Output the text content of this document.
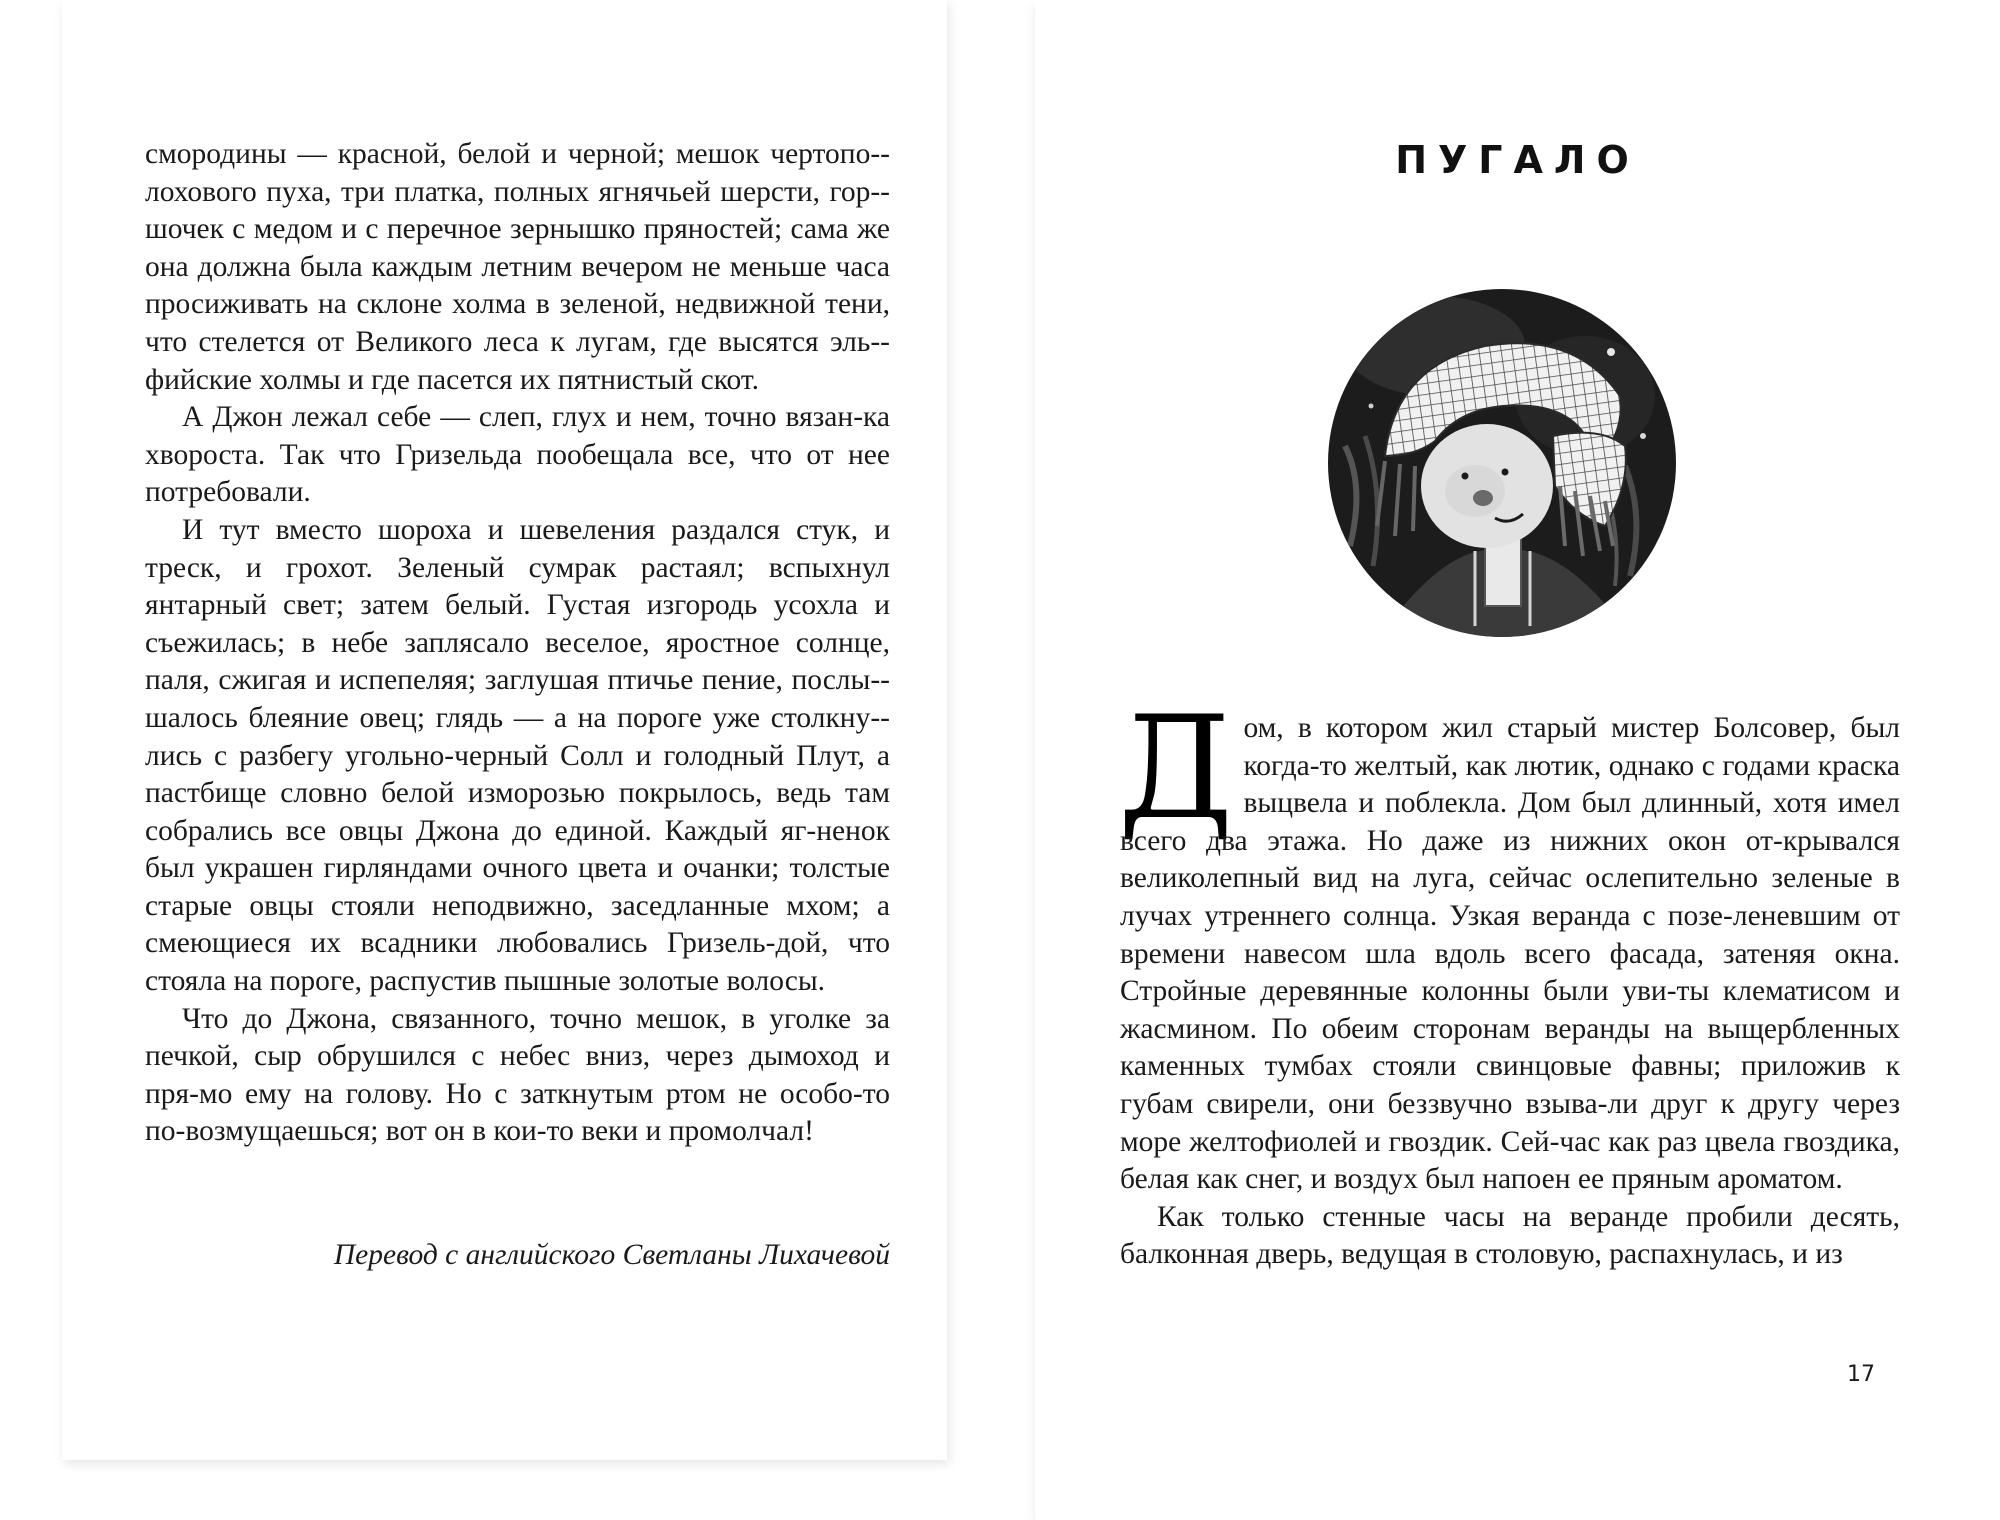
смородины — красной, белой и черной; мешок чертопо-лохового пуха, три платка, полных ягнячьей шерсти, гор-шочек с медом и с перечное зернышко пряностей; сама же она должна была каждым летним вечером не меньше часа просиживать на склоне холма в зеленой, недвижной тени, что стелется от Великого леса к лугам, где высятся эль-фийские холмы и где пасется их пятнистый скот.

А Джон лежал себе — слеп, глух и нем, точно вязан-ка хвороста. Так что Гризельда пообещала все, что от нее потребовали.

И тут вместо шороха и шевеления раздался стук, и треск, и грохот. Зеленый сумрак растаял; вспыхнул янтарный свет; затем белый. Густая изгородь усохла и съежилась; в небе заплясало веселое, яростное солнце, паля, сжигая и испепеляя; заглушая птичье пение, послы-шалось блеяние овец; глядь — а на пороге уже столкну-лись с разбегу угольно-черный Солл и голодный Плут, а пастбище словно белой изморозью покрылось, ведь там собрались все овцы Джона до единой. Каждый яг-ненок был украшен гирляндами очного цвета и очанки; толстые старые овцы стояли неподвижно, заседланные мхом; а смеющиеся их всадники любовались Гризель-дой, что стояла на пороге, распустив пышные золотые волосы.

Что до Джона, связанного, точно мешок, в уголке за печкой, сыр обрушился с небес вниз, через дымоход и пря-мо ему на голову. Но с заткнутым ртом не особо-то по-возмущаешься; вот он в кои-то веки и промолчал!

Перевод с английского Светланы Лихачевой
ПУГАЛО

Дом, в котором жил старый мистер Болсовер, был когда-то желтый, как лютик, однако с годами краска выцвела и поблекла. Дом был длинный, хотя имел всего два этажа. Но даже из нижних окон от-крывался великолепный вид на луга, сейчас ослепительно зеленые в лучах утреннего солнца. Узкая веранда с позе-леневшим от времени навесом шла вдоль всего фасада, затеняя окна. Стройные деревянные колонны были уви-ты клематисом и жасмином. По обеим сторонам веранды на выщербленных каменных тумбах стояли свинцовые фавны; приложив к губам свирели, они беззвучно взыва-ли друг к другу через море желтофиолей и гвоздик. Сей-час как раз цвела гвоздика, белая как снег, и воздух был напоен ее пряным ароматом.

Как только стенные часы на веранде пробили десять, балконная дверь, ведущая в столовую, распахнулась, и из

17
